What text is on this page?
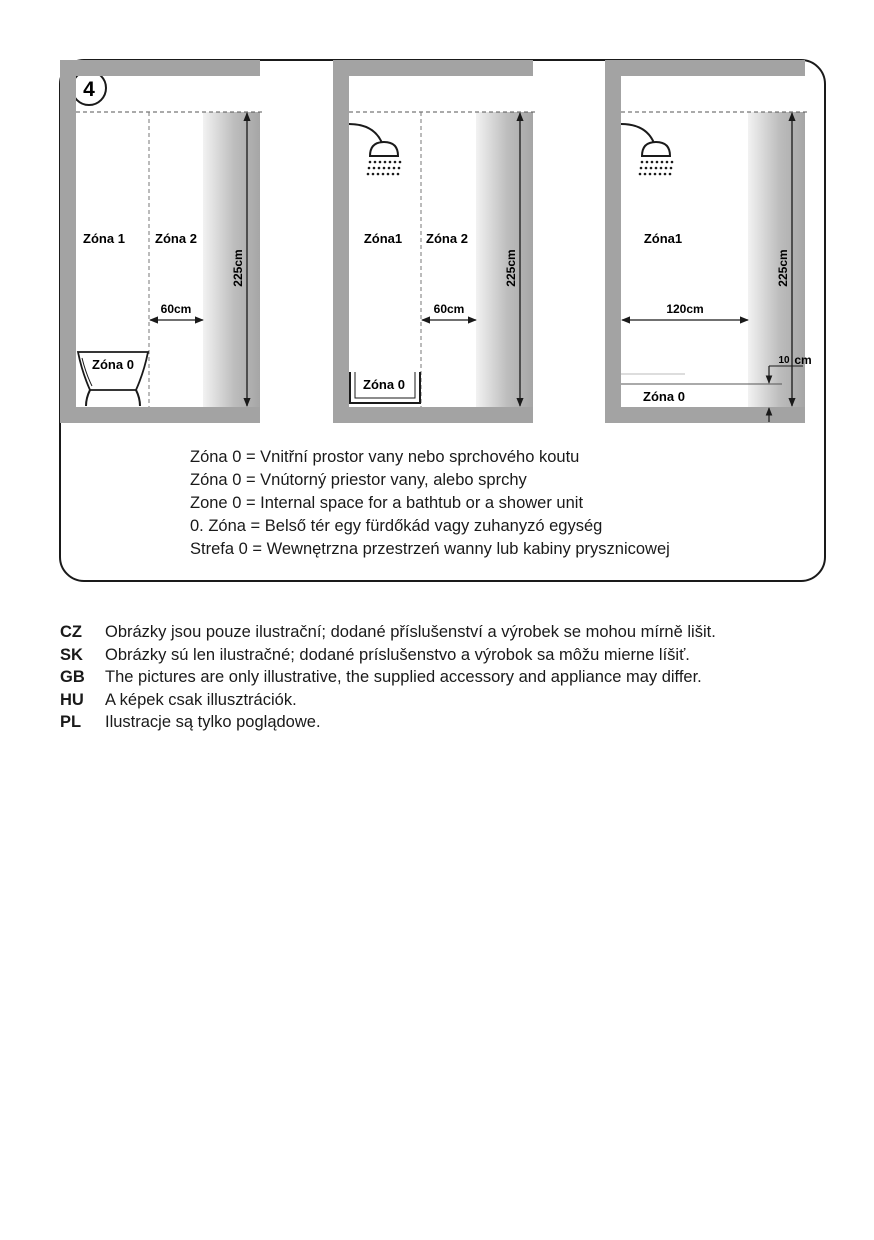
4
Zóna 1 Zóna 2
Zóna 0
60cm
225cm
Zóna1 Zóna 2
Zóna 0
60cm
225cm
Zóna1
120cm
225cm
Zóna 0
10 cm
Zóna 0 = Vnitřní prostor vany nebo sprchového koutu
Zóna 0 = Vnútorný priestor vany, alebo sprchy
Zone 0 = Internal space for a bathtub or a shower unit
0. Zóna = Belső tér egy fürdőkád vagy zuhanyzó egység
Strefa 0 = Wewnętrzna przestrzeń wanny lub kabiny prysznicowej
CZ Obrázky jsou pouze ilustrační; dodané příslušenství a výrobek se mohou mírně lišit.
SK Obrázky sú len ilustračné; dodané príslušenstvo a výrobok sa môžu mierne líšiť.
GB The pictures are only illustrative, the supplied accessory and appliance may differ.
HU A képek csak illusztrációk.
PL Ilustracje są tylko poglądowe.
